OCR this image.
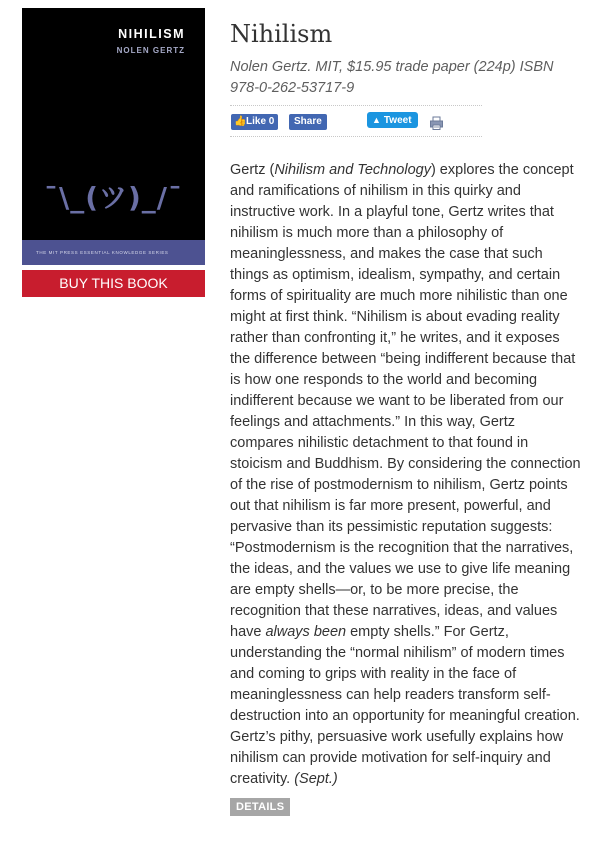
NIHILISM
NOLEN GERTZ
¯\_(ツ)_/¯
THE MIT PRESS ESSENTIAL KNOWLEDGE SERIES
BUY THIS BOOK
Nihilism
Nolen Gertz. MIT, $15.95 trade paper (224p) ISBN 978-0-262-53717-9
👍Like 0	Share	▲ Tweet
Gertz (Nihilism and Technology) explores the concept and ramifications of nihilism in this quirky and instructive work. In a playful tone, Gertz writes that nihilism is much more than a philosophy of meaninglessness, and makes the case that such things as optimism, idealism, sympathy, and certain forms of spirituality are much more nihilistic than one might at first think. “Nihilism is about evading reality rather than confronting it,” he writes, and it exposes the difference between “being indifferent because that is how one responds to the world and becoming indifferent because we want to be liberated from our feelings and attachments.” In this way, Gertz compares nihilistic detachment to that found in stoicism and Buddhism. By considering the connection of the rise of postmodernism to nihilism, Gertz points out that nihilism is far more present, powerful, and pervasive than its pessimistic reputation suggests: “Postmodernism is the recognition that the narratives, the ideas, and the values we use to give life meaning are empty shells—or, to be more precise, the recognition that these narratives, ideas, and values have always been empty shells.” For Gertz, understanding the “normal nihilism” of modern times and coming to grips with reality in the face of meaninglessness can help readers transform self-destruction into an opportunity for meaningful creation. Gertz’s pithy, persuasive work usefully explains how nihilism can provide motivation for self-inquiry and creativity. (Sept.)
DETAILS
